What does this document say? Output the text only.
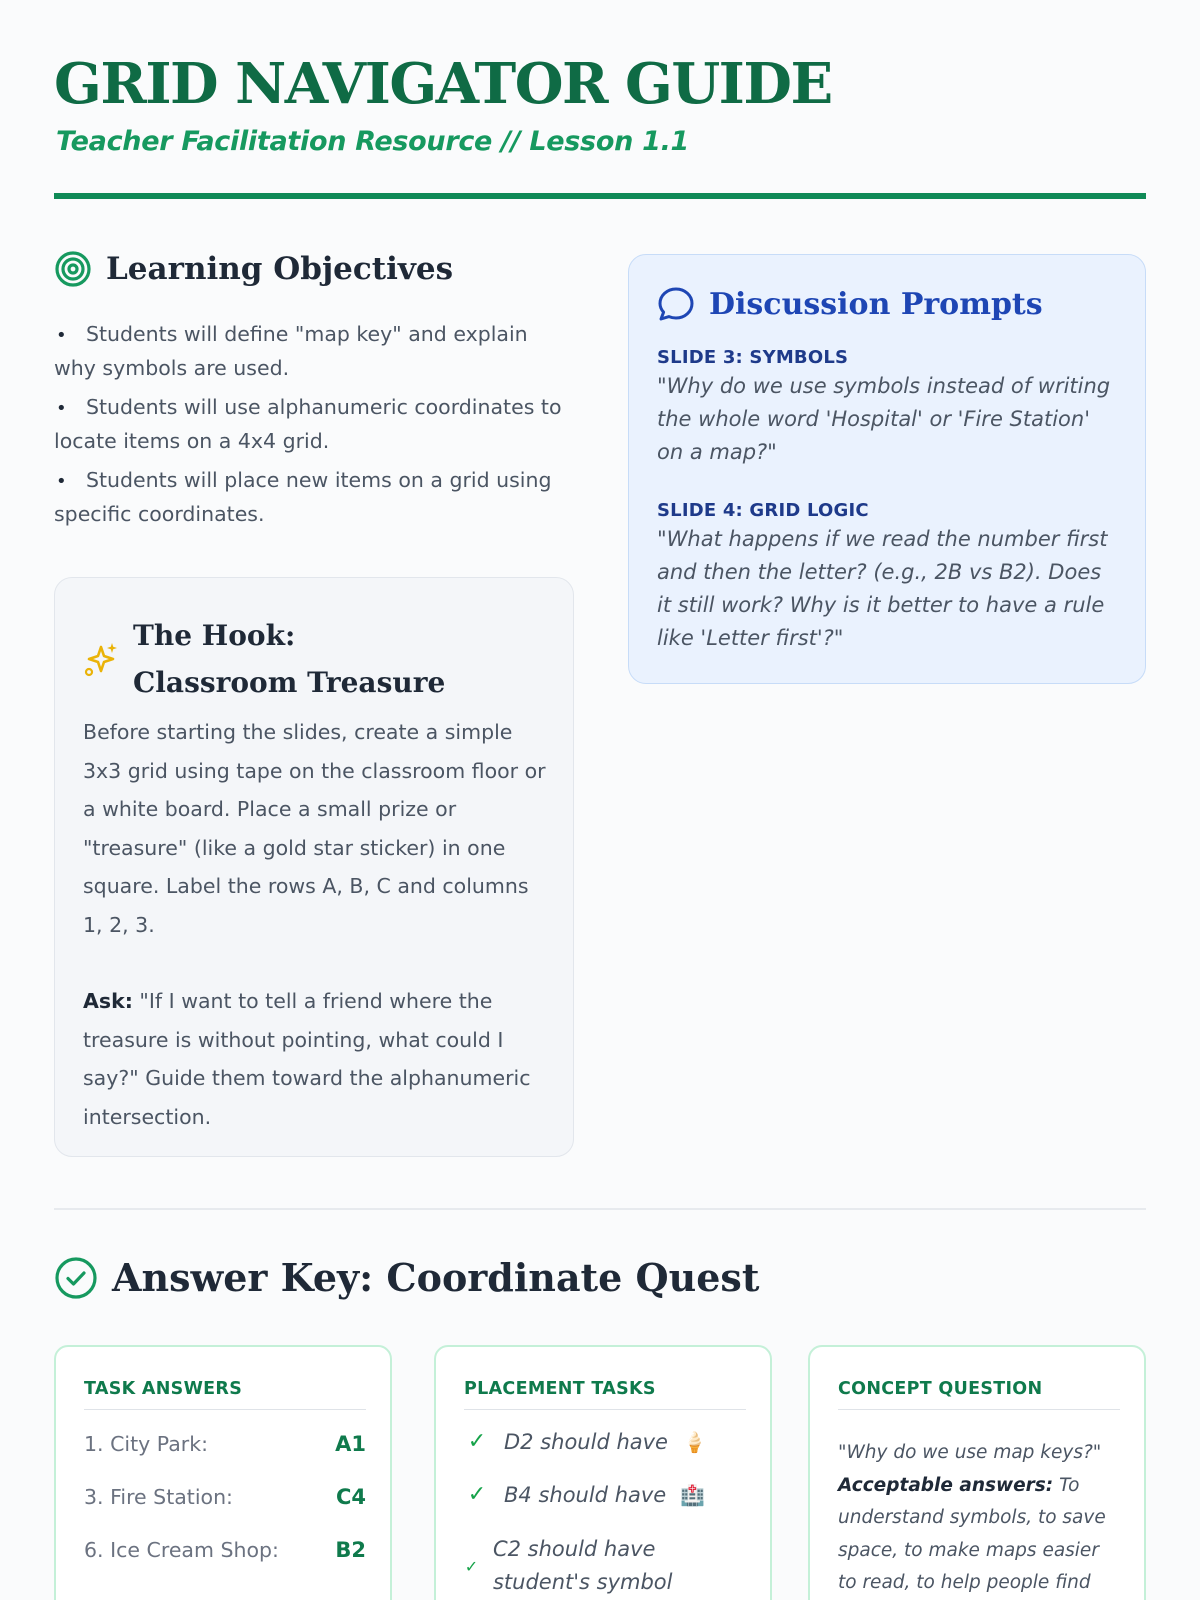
GRID NAVIGATOR GUIDE
Teacher Facilitation Resource // Lesson 1.1
Learning Objectives
• Students will define "map key" and explain why symbols are used.
• Students will use alphanumeric coordinates to locate items on a 4x4 grid.
• Students will place new items on a grid using specific coordinates.
The Hook: Classroom Treasure

Before starting the slides, create a simple 3x3 grid using tape on the classroom floor or a white board. Place a small prize or "treasure" (like a gold star sticker) in one square. Label the rows A, B, C and columns 1, 2, 3.

Ask: "If I want to tell a friend where the treasure is without pointing, what could I say?" Guide them toward the alphanumeric intersection.

Discussion Prompts
SLIDE 3: SYMBOLS
"Why do we use symbols instead of writing the whole word 'Hospital' or 'Fire Station' on a map?"
SLIDE 4: GRID LOGIC
"What happens if we read the number first and then the letter? (e.g., 2B vs B2). Does it still work? Why is it better to have a rule like 'Letter first'?"
Answer Key: Coordinate Quest
TASK ANSWERS
1. City Park:	A1
3. Fire Station:	C4
6. Ice Cream Shop:	B2
PLACEMENT TASKS
✓ D2 should have 🍦
✓ B4 should have 🏥
✓
C2 should have student's symbol
CONCEPT QUESTION
"Why do we use map keys?"
Acceptable answers: To understand symbols, to save space, to make maps easier to read, to help people find
